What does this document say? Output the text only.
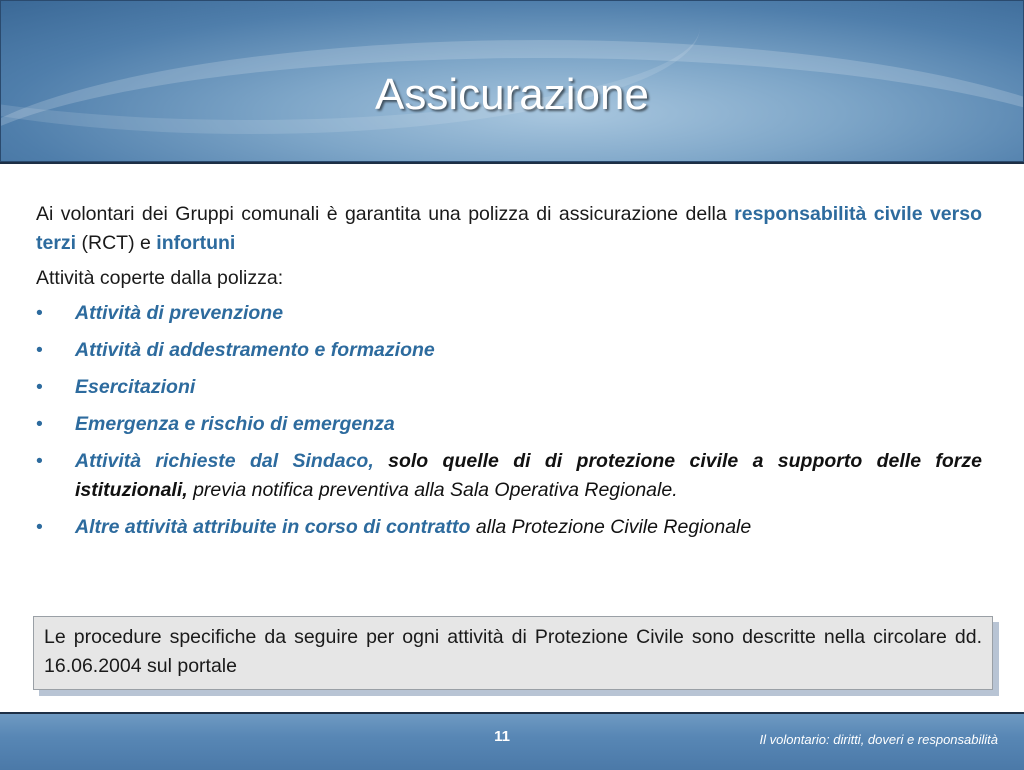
Assicurazione

Ai volontari dei Gruppi comunali è garantita una polizza di assicurazione della responsabilità civile verso terzi (RCT) e infortuni

Attività coperte dalla polizza:

• Attività di prevenzione
• Attività di addestramento e formazione
• Esercitazioni
• Emergenza e rischio di emergenza
• Attività richieste dal Sindaco, solo quelle di di protezione civile a supporto delle forze istituzionali, previa notifica preventiva alla Sala Operativa Regionale.
• Altre attività attribuite in corso di contratto alla Protezione Civile Regionale
Le procedure specifiche da seguire per ogni attività di Protezione Civile sono descritte nella circolare dd. 16.06.2004 sul portale
11	Il volontario: diritti, doveri e responsabilità
